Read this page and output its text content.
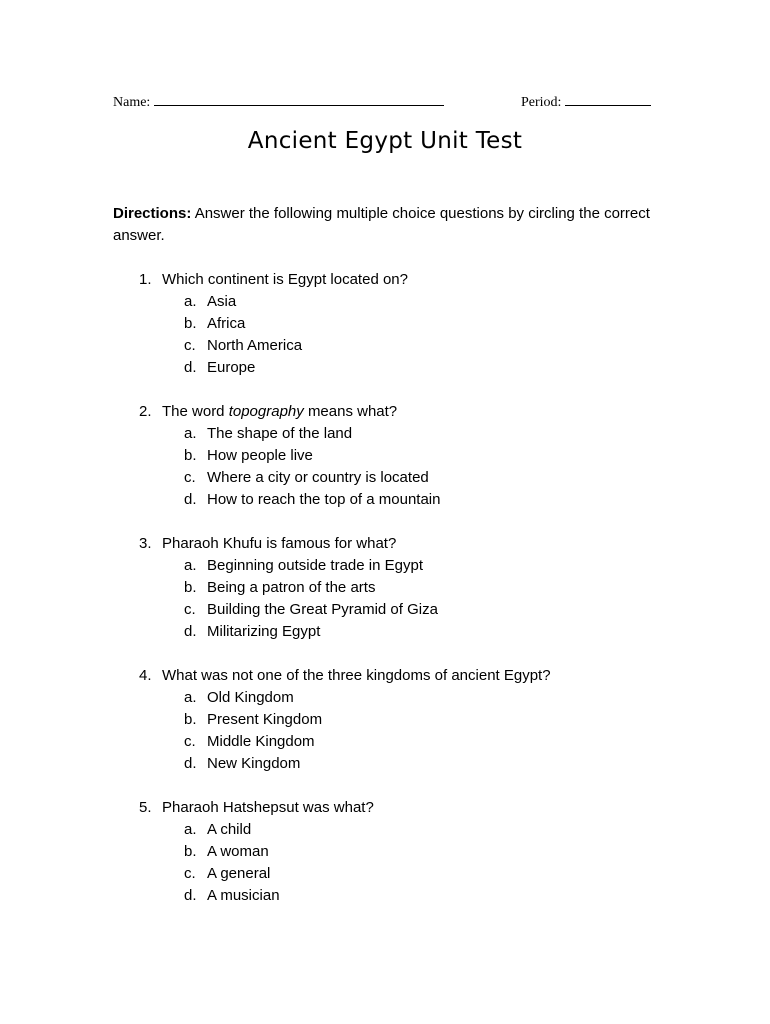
Name:	Period:
Ancient Egypt Unit Test
Directions: Answer the following multiple choice questions by circling the correct answer.
1. Which continent is Egypt located on?
a. Asia
b. Africa
c. North America
d. Europe
2. The word topography means what?
a. The shape of the land
b. How people live
c. Where a city or country is located
d. How to reach the top of a mountain
3. Pharaoh Khufu is famous for what?
a. Beginning outside trade in Egypt
b. Being a patron of the arts
c. Building the Great Pyramid of Giza
d. Militarizing Egypt
4. What was not one of the three kingdoms of ancient Egypt?
a. Old Kingdom
b. Present Kingdom
c. Middle Kingdom
d. New Kingdom
5. Pharaoh Hatshepsut was what?
a. A child
b. A woman
c. A general
d. A musician
